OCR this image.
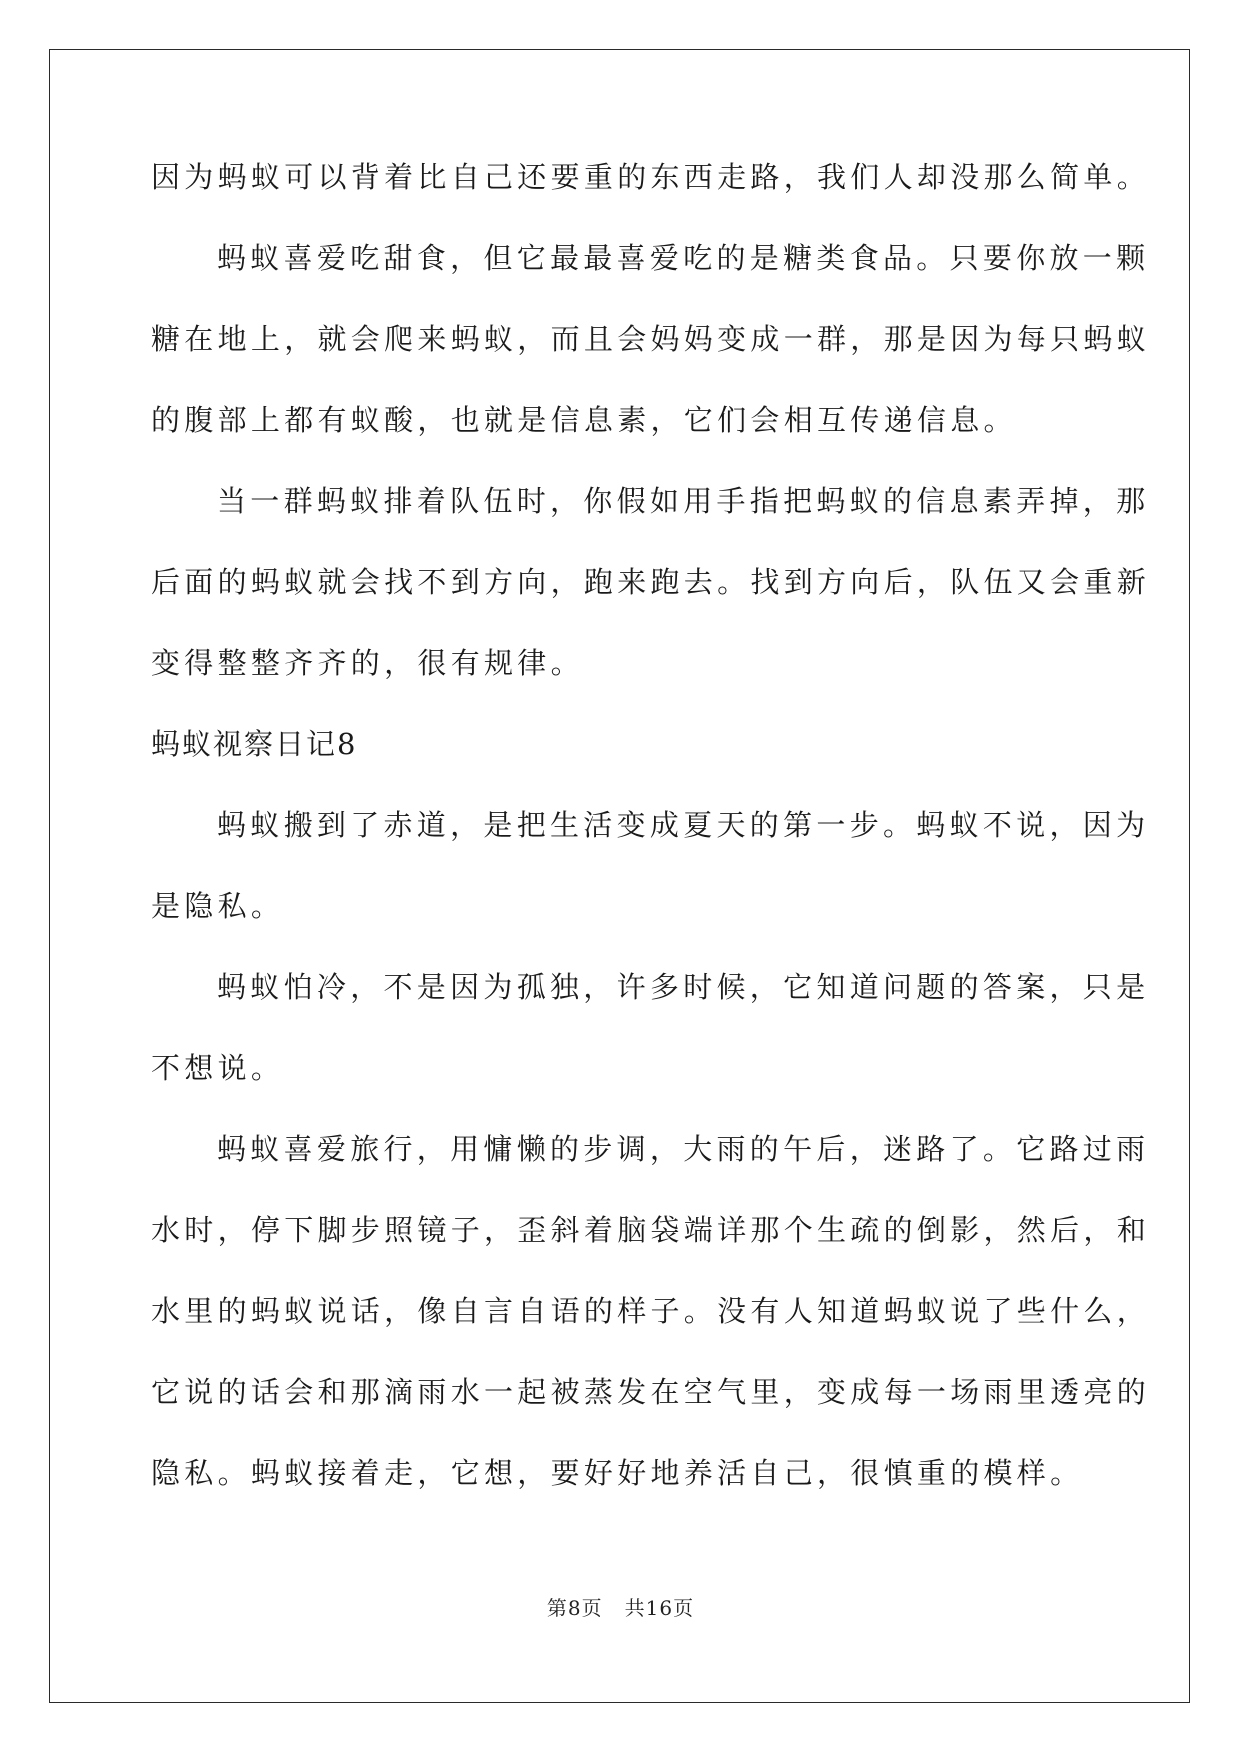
因为蚂蚁可以背着比自己还要重的东西走路，我们人却没那么简单。
蚂蚁喜爱吃甜食，但它最最喜爱吃的是糖类食品。只要你放一颗
糖在地上，就会爬来蚂蚁，而且会妈妈变成一群，那是因为每只蚂蚁
的腹部上都有蚁酸，也就是信息素，它们会相互传递信息。
当一群蚂蚁排着队伍时，你假如用手指把蚂蚁的信息素弄掉，那
后面的蚂蚁就会找不到方向，跑来跑去。找到方向后，队伍又会重新
变得整整齐齐的，很有规律。
蚂蚁视察日记8
蚂蚁搬到了赤道，是把生活变成夏天的第一步。蚂蚁不说，因为
是隐私。
蚂蚁怕冷，不是因为孤独，许多时候，它知道问题的答案，只是
不想说。
蚂蚁喜爱旅行，用慵懒的步调，大雨的午后，迷路了。它路过雨
水时，停下脚步照镜子，歪斜着脑袋端详那个生疏的倒影，然后，和
水里的蚂蚁说话，像自言自语的样子。没有人知道蚂蚁说了些什么，
它说的话会和那滴雨水一起被蒸发在空气里，变成每一场雨里透亮的
隐私。蚂蚁接着走，它想，要好好地养活自己，很慎重的模样。
第8页 共16页
